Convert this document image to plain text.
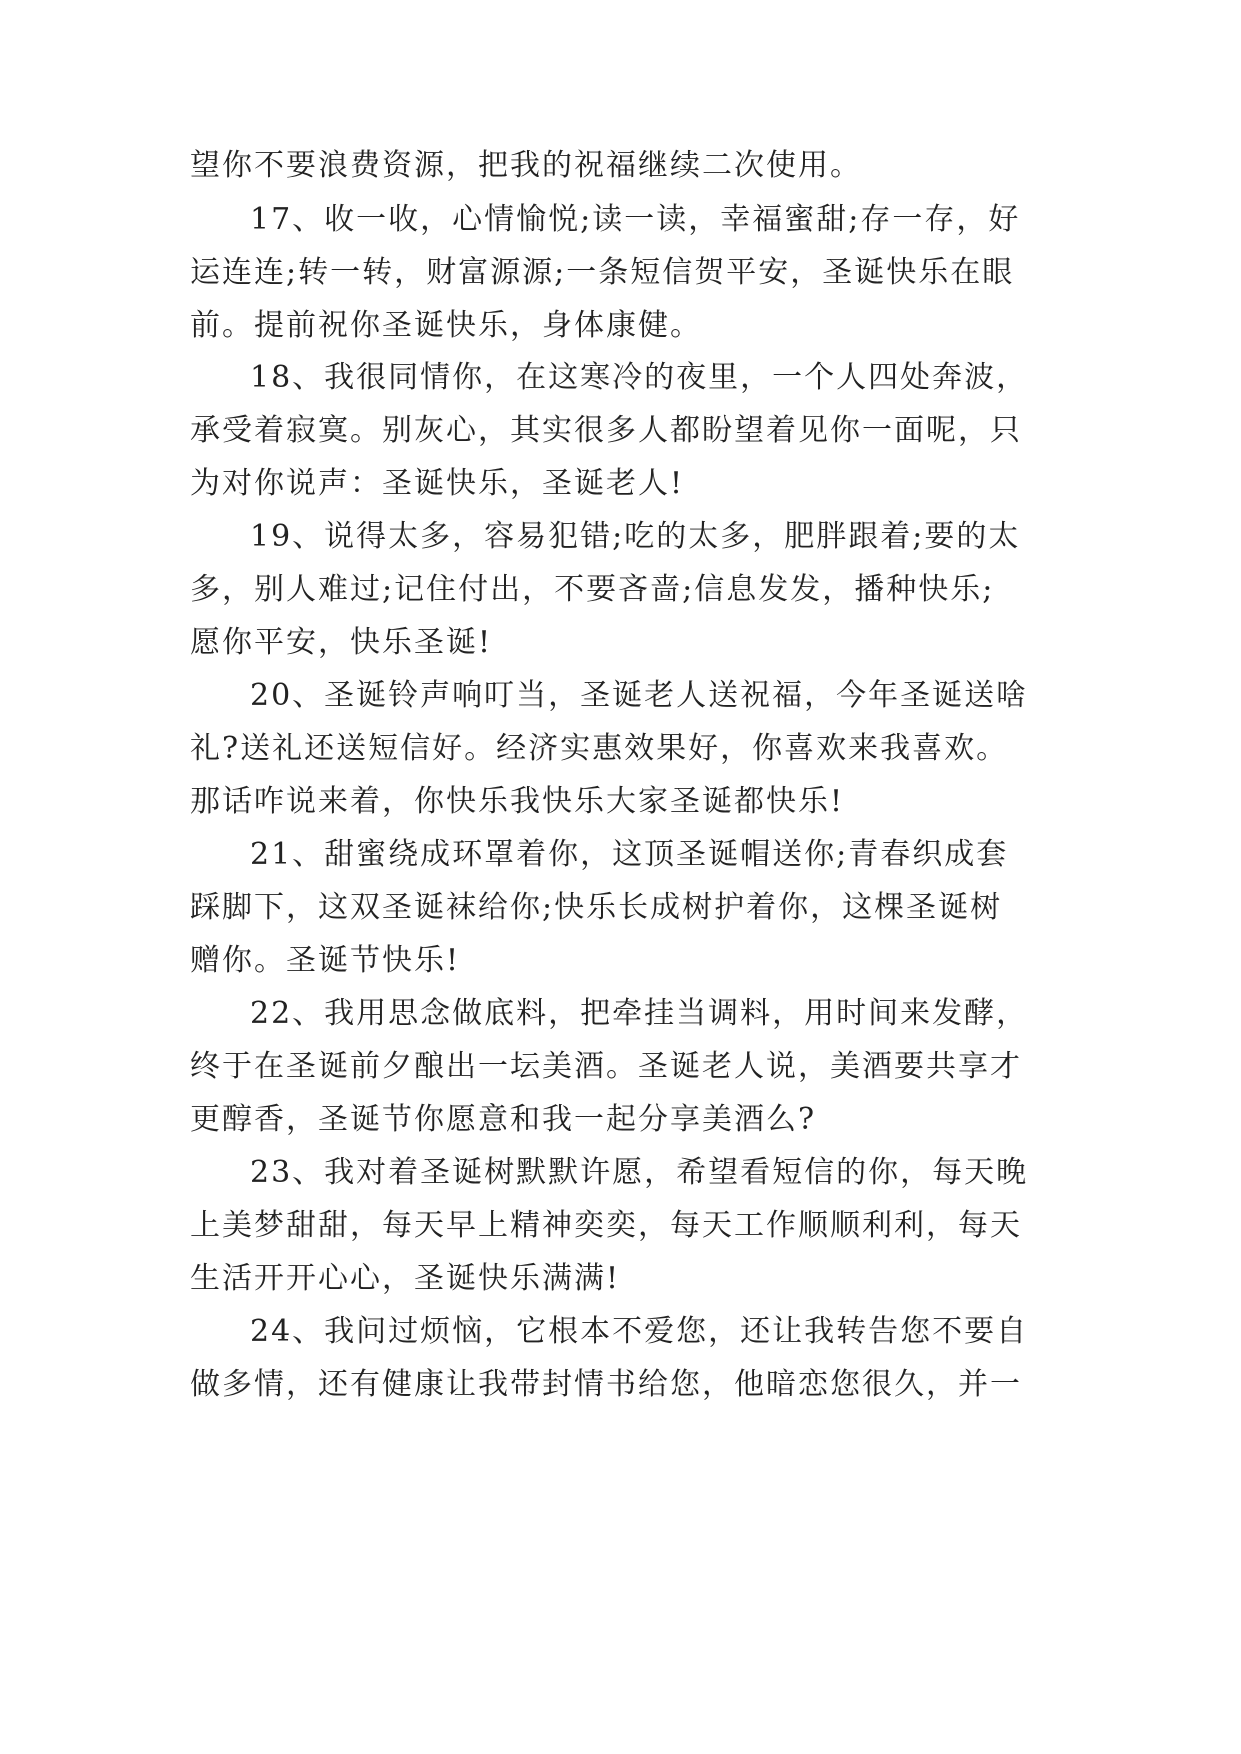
望你不要浪费资源，把我的祝福继续二次使用。
17、收一收，心情愉悦;读一读，幸福蜜甜;存一存，好
运连连;转一转，财富源源;一条短信贺平安，圣诞快乐在眼
前。提前祝你圣诞快乐，身体康健。
18、我很同情你，在这寒冷的夜里，一个人四处奔波，
承受着寂寞。别灰心，其实很多人都盼望着见你一面呢，只
为对你说声：圣诞快乐，圣诞老人!
19、说得太多，容易犯错;吃的太多，肥胖跟着;要的太
多，别人难过;记住付出，不要吝啬;信息发发，播种快乐;
愿你平安，快乐圣诞!
20、圣诞铃声响叮当，圣诞老人送祝福，今年圣诞送啥
礼?送礼还送短信好。经济实惠效果好，你喜欢来我喜欢。
那话咋说来着，你快乐我快乐大家圣诞都快乐!
21、甜蜜绕成环罩着你，这顶圣诞帽送你;青春织成套
踩脚下，这双圣诞袜给你;快乐长成树护着你，这棵圣诞树
赠你。圣诞节快乐!
22、我用思念做底料，把牵挂当调料，用时间来发酵，
终于在圣诞前夕酿出一坛美酒。圣诞老人说，美酒要共享才
更醇香，圣诞节你愿意和我一起分享美酒么?
23、我对着圣诞树默默许愿，希望看短信的你，每天晚
上美梦甜甜，每天早上精神奕奕，每天工作顺顺利利，每天
生活开开心心，圣诞快乐满满!
24、我问过烦恼，它根本不爱您，还让我转告您不要自
做多情，还有健康让我带封情书给您，他暗恋您很久，并一
